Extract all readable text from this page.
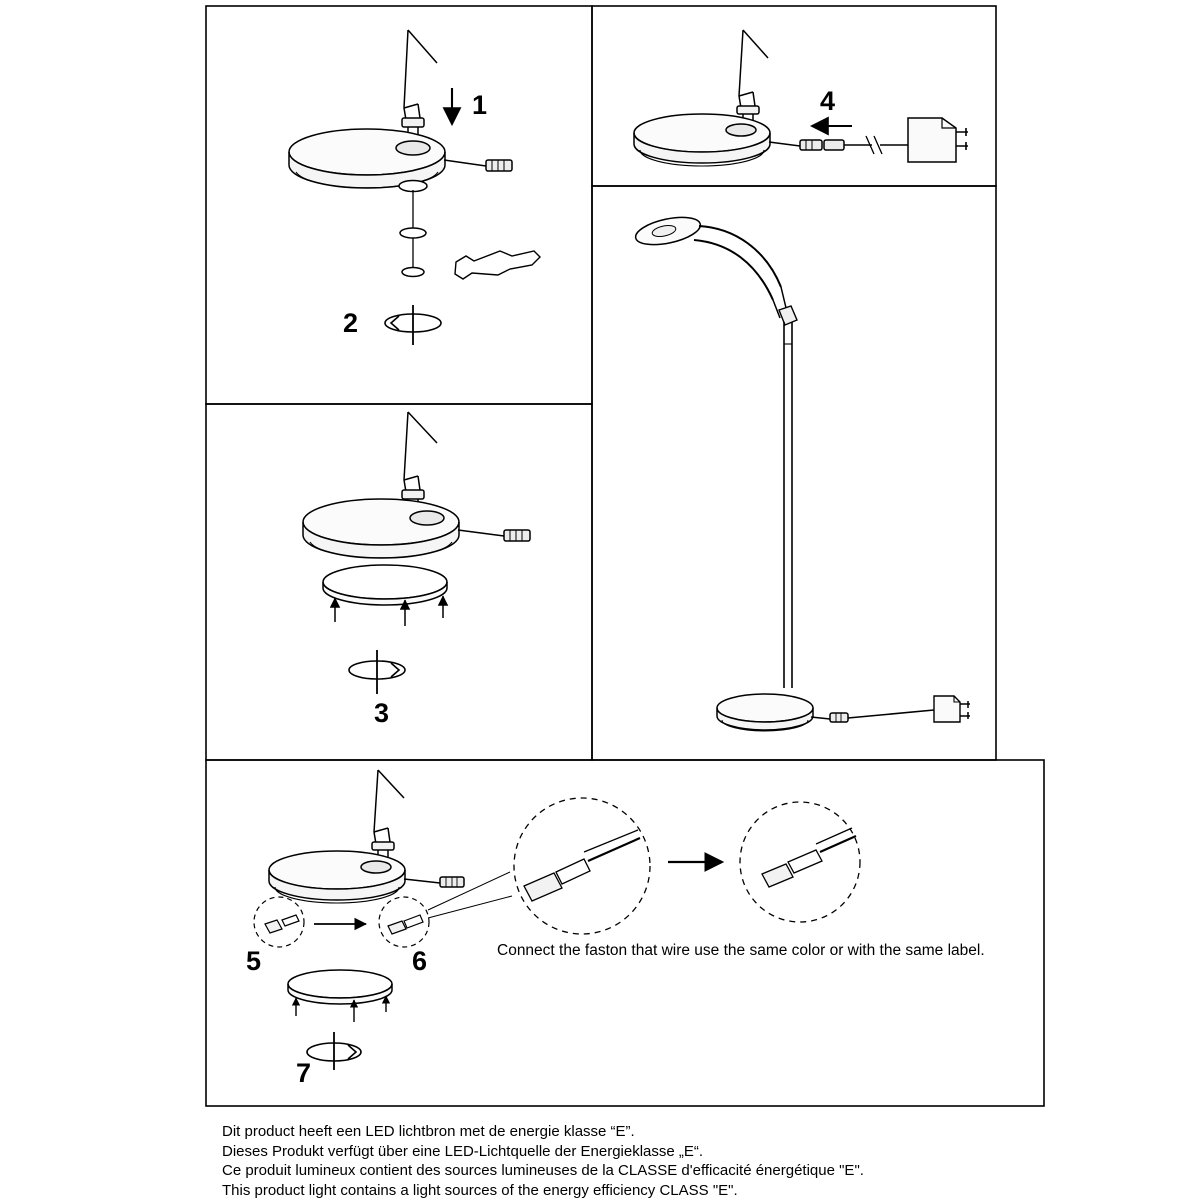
1
2
3
4
5	6
7
Connect the faston that wire use the same color or with the same label.
Dit product heeft een LED lichtbron met de energie klasse “E”.
Dieses Produkt verfügt über eine LED-Lichtquelle der Energieklasse „E“.
Ce produit lumineux contient des sources lumineuses de la CLASSE d'efficacité énergétique "E".
This product light contains a light sources of the energy efficiency CLASS "E".
